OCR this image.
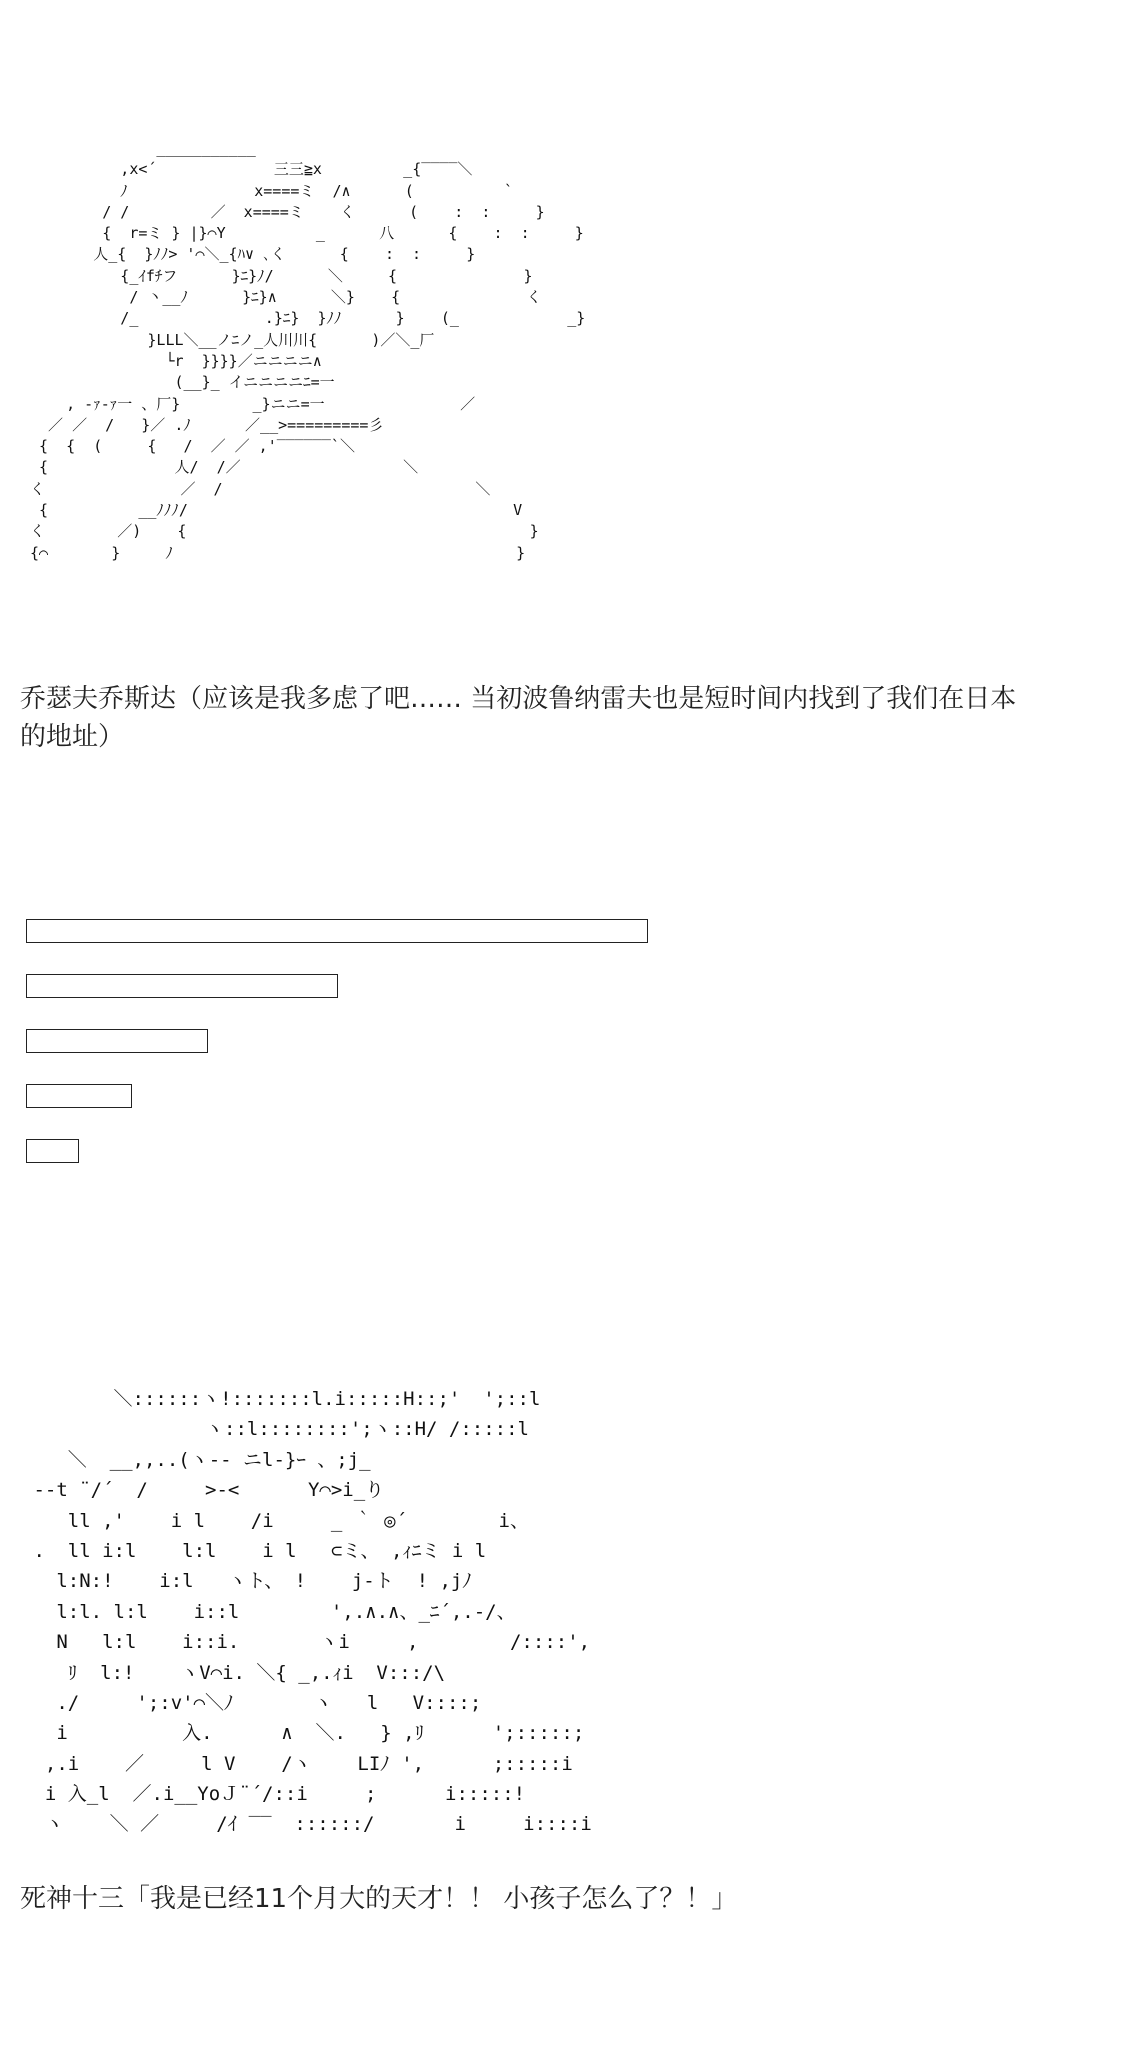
___________
,x<´             三三≧x         _{‾‾‾‾＼
ﾉ              x====ミ  /∧      (          `
/ /         ／  x====ミ    く      (    :  :     }
{  r=ミ } |}⌒Y          _      八      {    :  :     }
人_{  }ﾉﾉ> '⌒＼_{ﾊ∨ ､く      {    :  :     }
{_ｲfﾁフ      }ﾆ}ﾉ/      ＼     {              }
/ 丶__ﾉ      }ﾆ}∧      ＼}    {              く
/_              .}ﾆ}  }ﾉﾉ      }    (_            _}
}LLL＼__ノﾆノ_人川川{      )／＼_厂
└r  }}}}／ニニニニ∧
(__}_ イニニニニﾆ=一
, -ｧ-ｧ一 、厂}        _}ニニ=一               ／
／ ／  /   }／ .ﾉ      ／__>=========彡
{  {  (     {   /  ／ ／ ,'‾‾‾‾‾‾`＼
{              人/  /／                  ＼
く               ／  /                            ＼
{          __ﾉﾉﾉ/                                    V
く        ／)    {                                      }
{⌒       }     ﾉ                                      }

乔瑟夫乔斯达（应该是我多虑了吧…… 当初波鲁纳雷夫也是短时间内找到了我们在日本的地址）

＼::::::ヽ!:::::::l.i:::::H::;'  ';::l
ヽ::l::::::::';ヽ::H/ /:::::l
＼  __,,..(ヽ-- ニl-}ｰ 、;j_
--t ¨/´  /     >-<      Y⌒>i_り
ll ,'    i l    /i     _ ｀ ◎´        i、
.  ll i:l    l:l    i l   ⊂ミ、 ,ｨﾆミ i l
l:N:!    i:l   ヽト、 !    j-ト  ! ,jﾉ
l:l. l:l    i::l        ',.∧.∧、_ﾆ´,.-/、
N   l:l    i::i.       ヽi     ,        /::::',
ﾘ  l:!    ヽV⌒i. ＼{ _,.ｨi  V:::/\
./     ';:v'⌒＼ﾉ       ヽ   l   V::::;
i          入.      ∧  ＼.   } ,ﾘ      ';:::::;
,.i    ／     l V    /ヽ    LIﾉ ',      ;:::::i
i 入_l  ／.i__YoＪ¨´/::i     ;      i:::::!
ヽ    ＼ ／     /ｲ ‾‾  ::::::/       i     i::::i

死神十三「我是已经11个月大的天才！！ 小孩子怎么了？！」
